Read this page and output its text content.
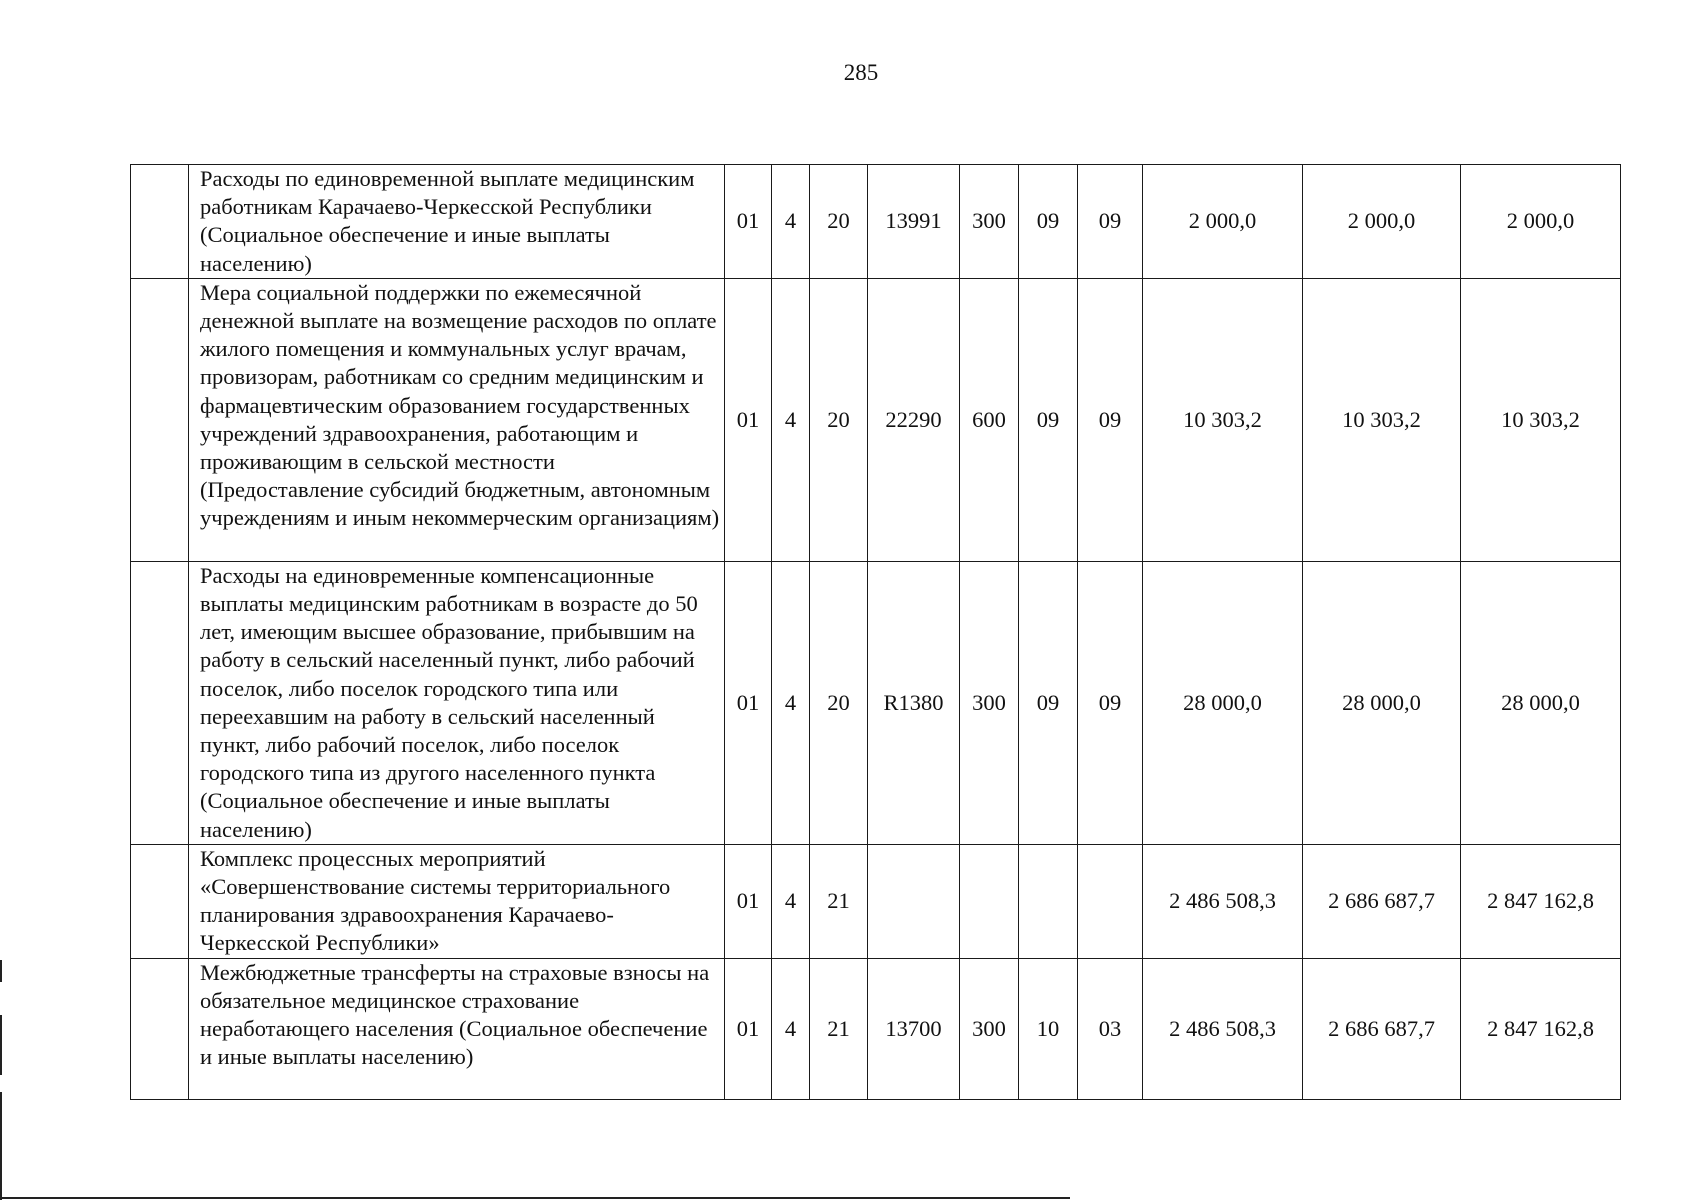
285
	Расходы по единовременной выплате медицинским работникам Карачаево-Черкесской Республики (Социальное обеспечение и иные выплаты населению)	01	4	20	13991	300	09	09	2 000,0	2 000,0	2 000,0
	Мера социальной поддержки по ежемесячной денежной выплате на возмещение расходов по оплате жилого помещения и коммунальных услуг врачам, провизорам, работникам со средним медицинским и фармацевтическим образованием государственных учреждений здравоохранения, работающим и проживающим в сельской местности (Предоставление субсидий бюджетным, автономным учреждениям и иным некоммерческим организациям)	01	4	20	22290	600	09	09	10 303,2	10 303,2	10 303,2
	Расходы на единовременные компенсационные выплаты медицинским работникам в возрасте до 50 лет, имеющим высшее образование, прибывшим на работу в сельский населенный пункт, либо рабочий поселок, либо поселок городского типа или переехавшим на работу в сельский населенный пункт, либо рабочий поселок, либо поселок городского типа из другого населенного пункта (Социальное обеспечение и иные выплаты населению)	01	4	20	R1380	300	09	09	28 000,0	28 000,0	28 000,0
	Комплекс процессных мероприятий «Совершенствование системы территориального планирования здравоохранения Карачаево-Черкесской Республики»	01	4	21					2 486 508,3	2 686 687,7	2 847 162,8
	Межбюджетные трансферты на страховые взносы на обязательное медицинское страхование неработающего населения (Социальное обеспечение и иные выплаты населению)	01	4	21	13700	300	10	03	2 486 508,3	2 686 687,7	2 847 162,8
